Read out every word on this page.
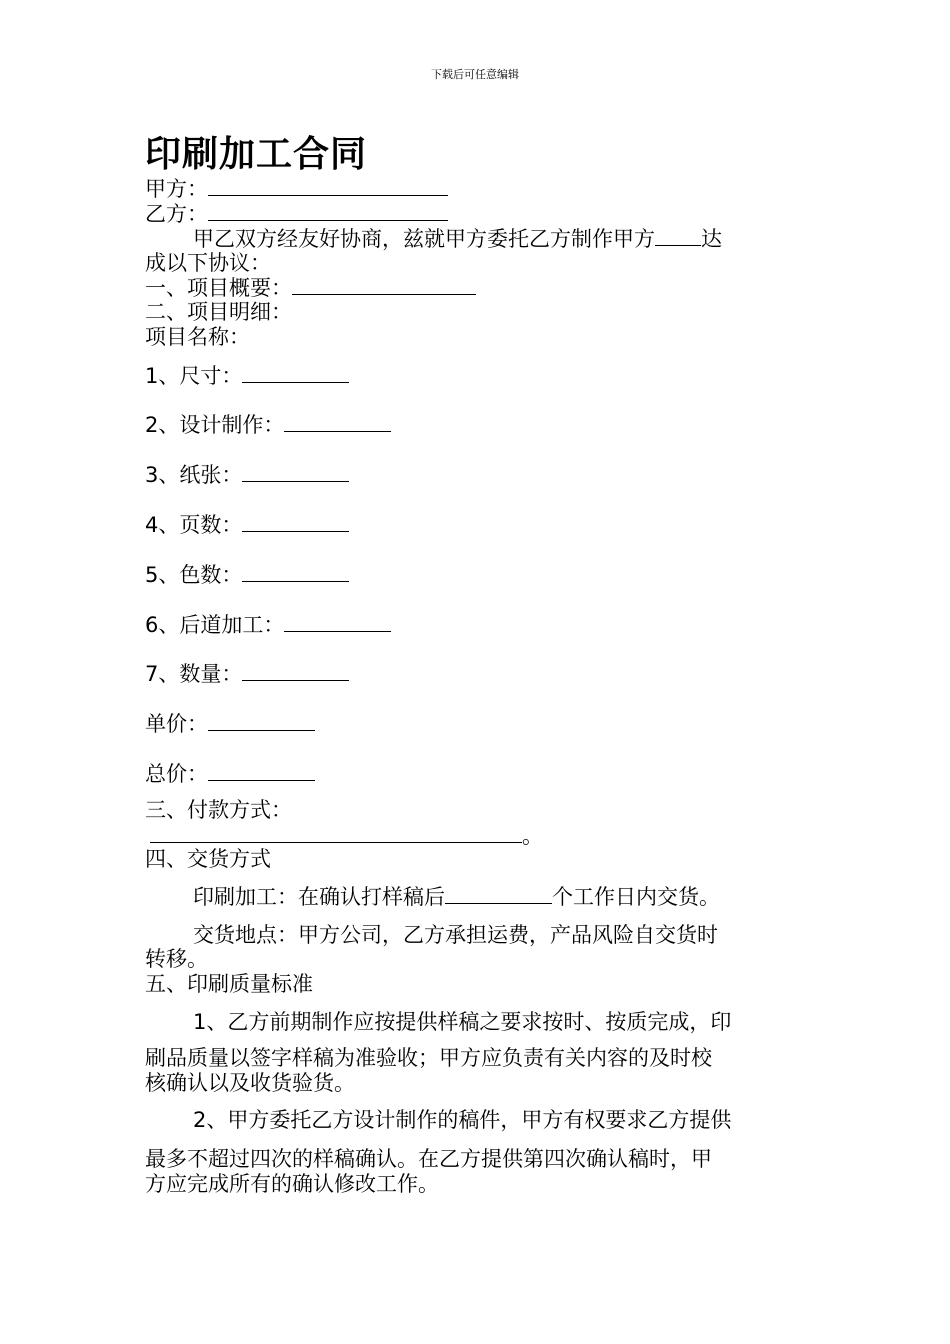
下载后可任意编辑
印刷加工合同
甲方：
乙方：
甲乙双方经友好协商，兹就甲方委托乙方制作甲方 达
成以下协议：
一、项目概要：
二、项目明细：
项目名称：
1、尺寸：
2、设计制作：
3、纸张：
4、页数：
5、色数：
6、后道加工：
7、数量：
单价：
总价：
三、付款方式：
。
四、交货方式
印刷加工：在确认打样稿后	个工作日内交货。
交货地点：甲方公司，乙方承担运费，产品风险自交货时
转移。
五、印刷质量标准
1、乙方前期制作应按提供样稿之要求按时、按质完成，印
刷品质量以签字样稿为准验收；甲方应负责有关内容的及时校
核确认以及收货验货。
2、甲方委托乙方设计制作的稿件，甲方有权要求乙方提供
最多不超过四次的样稿确认。在乙方提供第四次确认稿时，甲
方应完成所有的确认修改工作。
